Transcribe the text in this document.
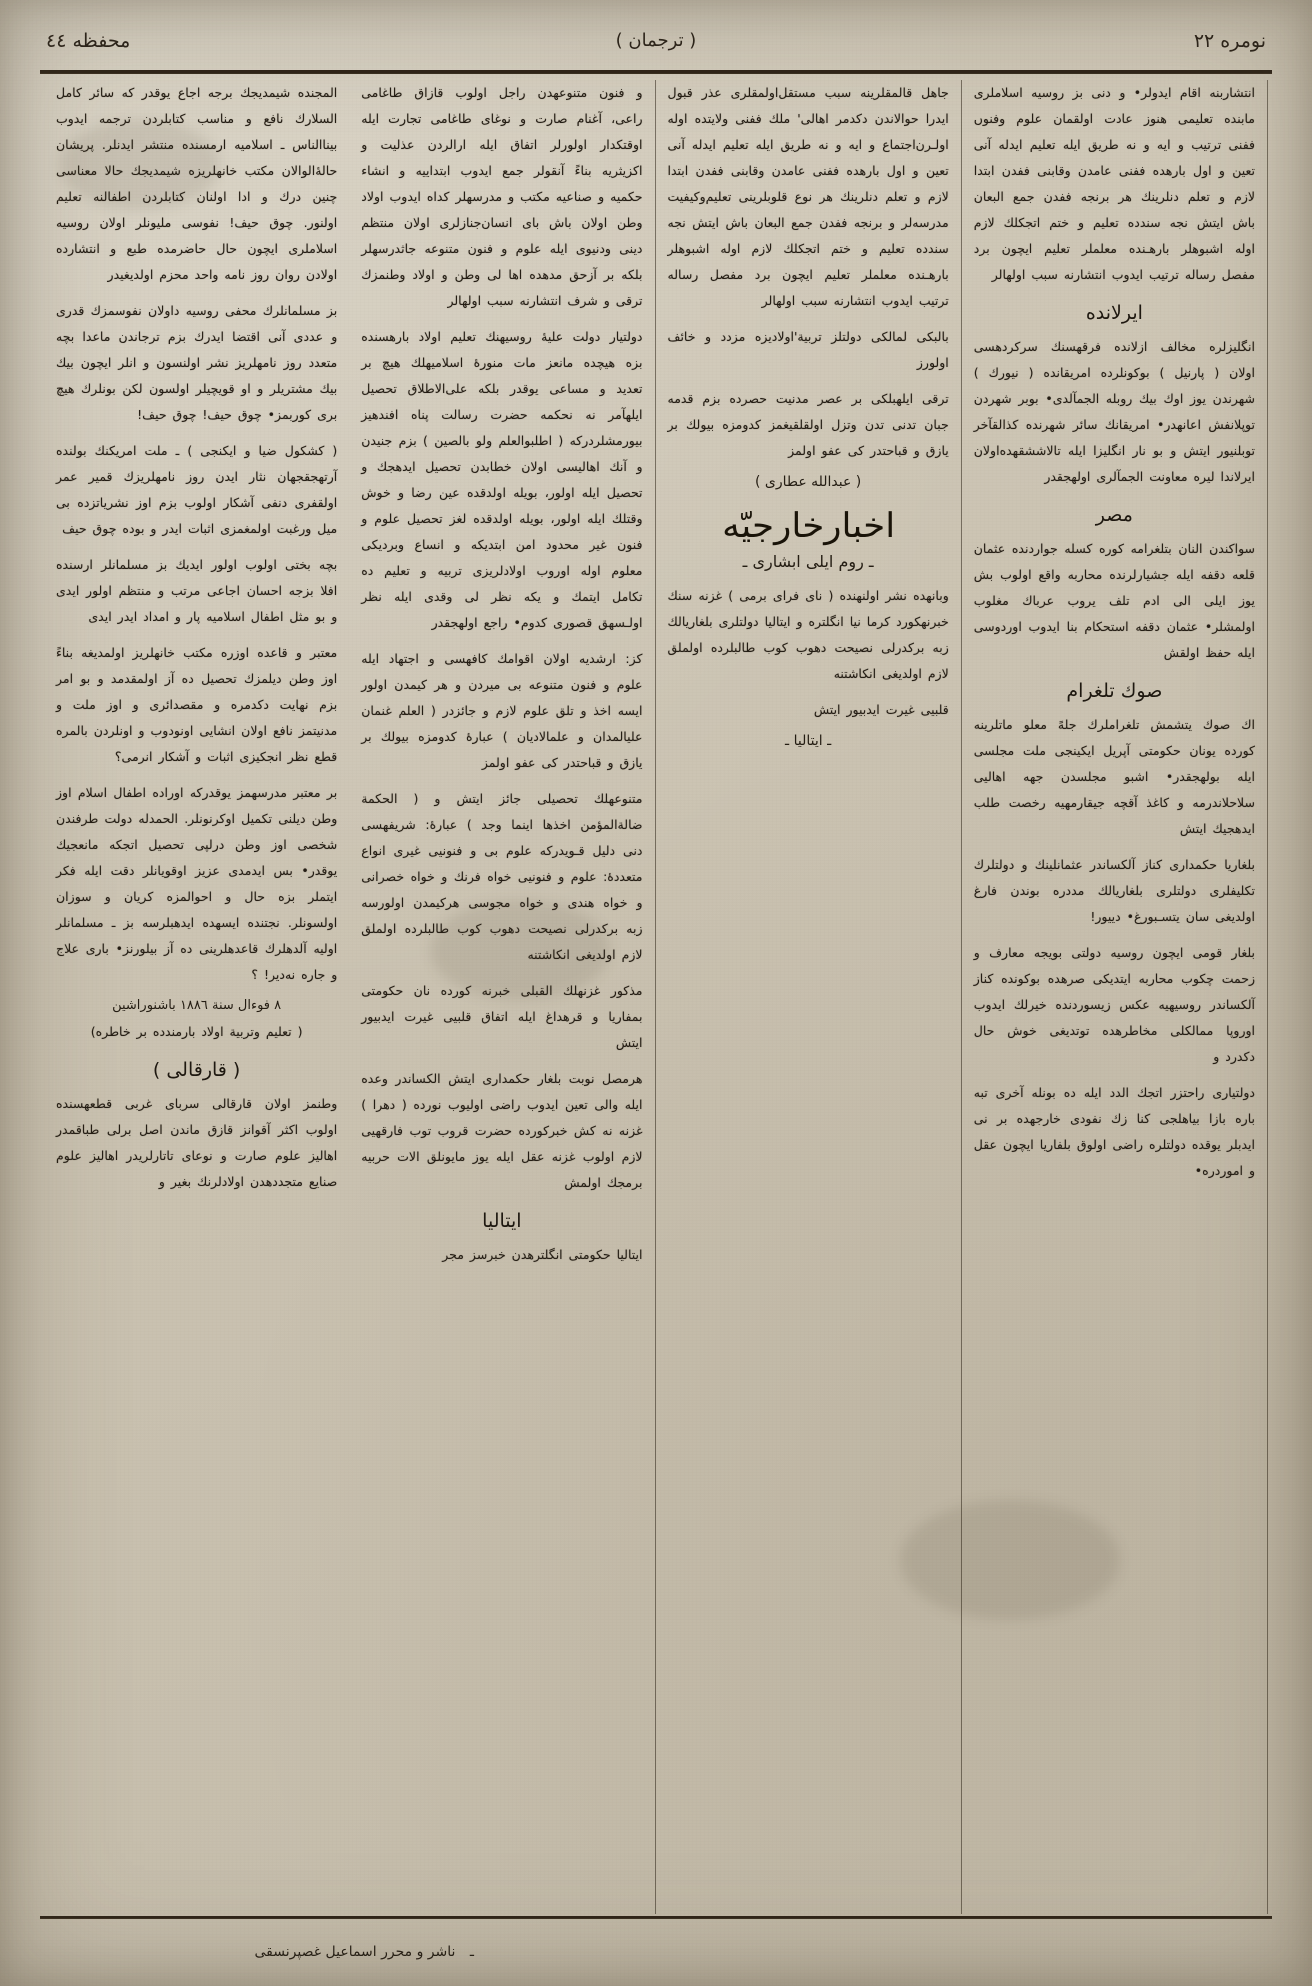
نومره ٢٢
( ترجمان )
محفظه ٤٤

المجنده شیمدیجك برجه اجاع یوقدر كه سائر كامل السلارك نافع و مناسب كتابلردن ترجمه ایدوب بیناالناس ـ اسلامیه ارمسنده منتشر ایدنلر. پریشان حالۀالوالان مكتب خانهلریزه شیمدیجك حالا معناسی چنین درك و ادا اولنان كتابلردن اطفالنه تعلیم اولنور. چوق حیف! نفوسی ملیونلر اولان روسیه اسلاملری ایچون حال حاضرمده طبع و انتشارده اولادن روان روز نامه واحد محزم اولدیغیدر

بز مسلمانلرك محفی روسیه داولان نفوسمزك قدری و عددی آنی اقتضا ایدرك بزم ترجاندن ماعدا بچه متعدد روز نامهلریز نشر اولنسون و انلر ایچون بیك بیك مشتریلر و او قویچیلر اولسون لكن بونلرك هیچ بری كوربمز• چوق حیف! چوق حیف!

( كشكول ضیا و ایكنجی ) ـ ملت امریكنك بولنده آرتهجقجهان نثار ایدن روز نامهلریزك قمیر عمر اولقفری دنفی آشكار اولوب بزم اوز نشریاتزده بی میل ورغبت اولمغمزی اثبات ایدر و بوده چوق حیف

بچه بختی اولوب اولور ایدیك بز مسلمانلر ارسنده افلا بزجه احسان اجاعی مرتب و منتظم اولور ایدی و بو مثل اطفال اسلامیه پار و امداد ایدر ایدی

معتبر و قاعده اوزره مكتب خانهلریز اولمدیغه بناءً اوز وطن دیلمزك تحصیل ده آز اولمقدمد و بو امر بزم نهایت دكدمره و مقصدائری و اوز ملت و مدنیتمز نافع اولان انشایی اونودوب و اونلردن بالمره قطع نظر انجكیزی اثبات و آشكار انرمی؟

بر معتبر مدرسهمز یوقدرکه اوراده اطفال اسلام اوز وطن دیلنی تكمیل اوكرنونلر. الحمدله دولت طرفندن شخصی اوز وطن درلپی تحصیل اتجكه مانعجیك یوقدر• بس ایدمدی عزیز اوقویانلر دقت ایله فكر ایتملر بزه حال و احوالمزه كریان و سوزان اولسونلر. نجتنده ایسهده ایدهبلرسه بز ـ مسلمانلر اولیه آلدهلرك قاعدهلرینی ده آز بیلورنز• باری علاج و جاره نه‌دیر! ؟

٨ فوءال سنة ١٨٨٦ باشنوراشین

( تعلیم وتربیة اولاد بارمندده بر خاطره)

( قارقالی )

وطنمز اولان قارقالی سربای غربی قطعهسنده اولوب اكثر آقوانز قازق ماندن اصل برلی طباقمدر اهالیز علوم صارت و نوعای تاتارلریدر اهالیز علوم صنایع متجددهدن اولادلرنك بغیر و

و فنون متنوعهدن راجل اولوب قازاق طاغامی راعی، آغنام صارت و نوغای طاغامی تجارت ایله اوقتكدار اولورلر اتفاق ایله ارالردن عذلیت و اكزیثریه بناءً آنقولر جمع ایدوب ابتداییه و انشاء حكمیه و صناعیه مكتب و مدرسهلر كداه ایدوب اولاد وطن اولان باش بای انسان‌جنازلری اولان منتظم دینی ودنیوی ایله علوم و فنون متنوعه جاثدرسهلر بلكه بر آزحق مدهده اها لی وطن و اولاد وطنمزك ترقی و شرف انتشارنه سبب اولهالر

دولتیار دولت علیۀ روسیهنك تعلیم اولاد بارهسنده بزه هیچده مانعز مات منورۀ اسلامیهلك هیچ بر تعدید و مساعی یوقدر بلكه علی‌الاطلاق تحصیل ایلهآمر نه نحكمه حضرت رسالت پناه افندهیز بیورمشلردرکه ( اطلبوالعلم ولو بالصین ) بزم جنیدن و آنك اهالیسی اولان خطابدن تحصیل ایدهجك و تحصیل ایله اولور، بویله اولدقده عین رضا و خوش وقتلك ایله اولور، بویله اولدقده لغز تحصیل علوم و فنون غیر محدود امن ابتدیكه و انساع وبردیكی معلوم اوله اوروب اولادلریزی تربیه و تعلیم ده تكامل ایتمك و یكه نظر لی وقدی ایله نظر اولـسهق قصوری كدوم• راجع اولهجقدر

كز: ارشدیه اولان اقوامك كافهسی و اجتهاد ایله علوم و فنون متنوعه بی میردن و هر كیمدن اولور ایسه اخذ و تلق علوم لازم و جائزدر ( العلم غنمان علیالمدان و علمالادیان ) عبارۀ كدومزه بیولك بر یازق و قباحتدر كی عفو اولمز

متنوعهلك تحصیلی جائز ایتش و ( الحكمة ضالةالمؤمن اخذها اینما وجد ) عبارۀ: شریفهسی دنی دلیل قـویدركه علوم بی و فنونیی غیری انواع متعددۀ: علوم و فنونیی خواه فرنك و خواه خصرانی و خواه هندی و خواه مجوسی هركیمدن اولورسه زبه بركدرلی نصیحت دهوب كوب طالبلرده اولملق لازم اولدیغی انكاشتنه

مذكور غزنهلك القبلی خبرنه كورده نان حكومتی بمفاریا و قرهداغ ایله اتفاق قلبیی غیرت ایدبیور ایتش

هرمصل نوبت بلغار حكمداری ایتش الكساندر وعده ایله والی تعین ایدوب راضی اولیوب نورده ( دهرا ) غزنه نه كش خبركورده حضرت قروب توب فارقهیی لازم اولوب غزنه عقل ایله یوز مایونلق الات حربیه برمجك اولمش

ایتالیا

ایتالیا حكومتی انگلترهدن خبرسز مجر

جاهل قالمقلرینه سبب مستقل‌اولمقلری عذر قبول ایدرا حوالاندن دكدمر اهالی' ملك ففنی ولایتده اوله اولـرن‌اجتماع و ایه و نه طریق ایله تعلیم ایدله آنی تعین و اول بارهده ففنی عامدن وقابنی ففدن ابتدا لازم و تعلم دنلرینك هر نوع قلوبلرینی تعلیم‌وكیفیت مدرسه‌لر و برنجه ففدن جمع البعان باش ایتش نجه سندده تعلیم و ختم اتجكلك لازم اوله اشبوهلر بارهـنده معلملر تعلیم ایچون برد مفصل رساله ترتیب ایدوب انتشارنه سبب اولهالر

بالبكی لمالكی دولتلز تربیة'اولادیزه مزدد و خائف اولورز

ترقی ایلهبلكی بر عصر مدنیت حصرده بزم قدمه جبان تدنی تدن وتزل اولقلقیغمز كدومزه بیولك بر یازق و قباحتدر كی عفو اولمز

( عبدالله عطاری )
اخبارخارجیّه
ـ روم ایلی ابشاری ـ

وبانهده نشر اولنهنده ( نای فرای برمی ) غزنه سنك خبرنهكورد كرما نیا انگلتره و ایتالیا دولتلری بلغاریالك زبه بركدرلی نصیحت دهوب كوب طالبلرده اولملق لازم اولدیغی انكاشتنه

قلبیی غیرت ایدبیور ایتش

ـ ایتالیا ـ

انتشاربنه اقام ایدولر• و دنی بز روسیه اسلاملری مابنده تعلیمی هنوز عادت اولقمان علوم وفنوں ففنی ترتیب و ایه و نه طریق ایله تعلیم ایدله آنی تعین و اول بارهده ففنی عامدن وقابنی ففدن ابتدا لازم و تعلم دنلرینك هر برنجه ففدن جمع البعان باش ایتش نجه سندده تعلیم و ختم اتجكلك لازم اوله اشبوهلر بارهـنده معلملر تعلیم ایچون برد مفصل رساله ترتیب ایدوب انتشارنه سبب اولهالر

ایرلانده

انگلیزلره مخالف ازلانده فرقهسنك سركردهسی اولان ( پارنیل ) بوكونلرده امریقانده ( نیورك ) شهرندن یوز اوك بیك روبله الجمآلدی• بوبر شهردن توپلانفش اعانهدر• امریقانك سائر شهرنده كذالقآخر توبلنیور ایتش و بو نار انگلیزا ایله تالاششقهده‌اولان ایرلاندا لیره معاونت الجمآلری اولهجقدر

مصر

سواكندن النان بتلغرامه كوره كسله جواردنده عثمان قلعه دقفه ایله جشیارلرنده محاربه واقع اولوب بش یوز ایلی الی ادم تلف یروب عرباك مغلوب اولمشلر• عثمان دقفه استحكام بنا ایدوب اوردوسی ایله حفظ اولقش

صوك تلغرام

اك صوك یتشمش تلغراملرك جلهً معلو ماتلرینه كورده یونان حكومتی آپریل ایكینجی ملت مجلسی ایله بولهجقدر• اشبو مجلسدن جهه اهالیی سلاحلاندرمه و كاغذ آقچه جیقارمهیه رخصت طلب ایدهجیك ایتش

بلغاریا حكمداری كناز آلكساندر عثمانلینك و دولتلرك تكلیفلری دولتلری بلغاریالك مددره بوندن فارغ اولدیغی سان یتسـبورغ• دییور!

بلغار قومی ایچون روسیه دولتی بویجه معارف و زحمت چكوب محاربه ایتدیكی صرهده بوكونده كناز آلكساندر روسیهیه عكس زیسوردنده خیرلك ایدوب اوروپا ممالكلی مخاطرهده توتدیغی خوش حال دكدرد و

دولتیاری راحتزر اتجك الدد ایله ده بونله آخری تبه باره بازا بیاهلجی كنا زك نفودی خارجهده بر نی ایدبلر یوقده دولتلره راضی اولوق بلفاریا ایچون عقل و اموردره•

ـ ناشر و محرر اسماعیل غصپرنسقی
